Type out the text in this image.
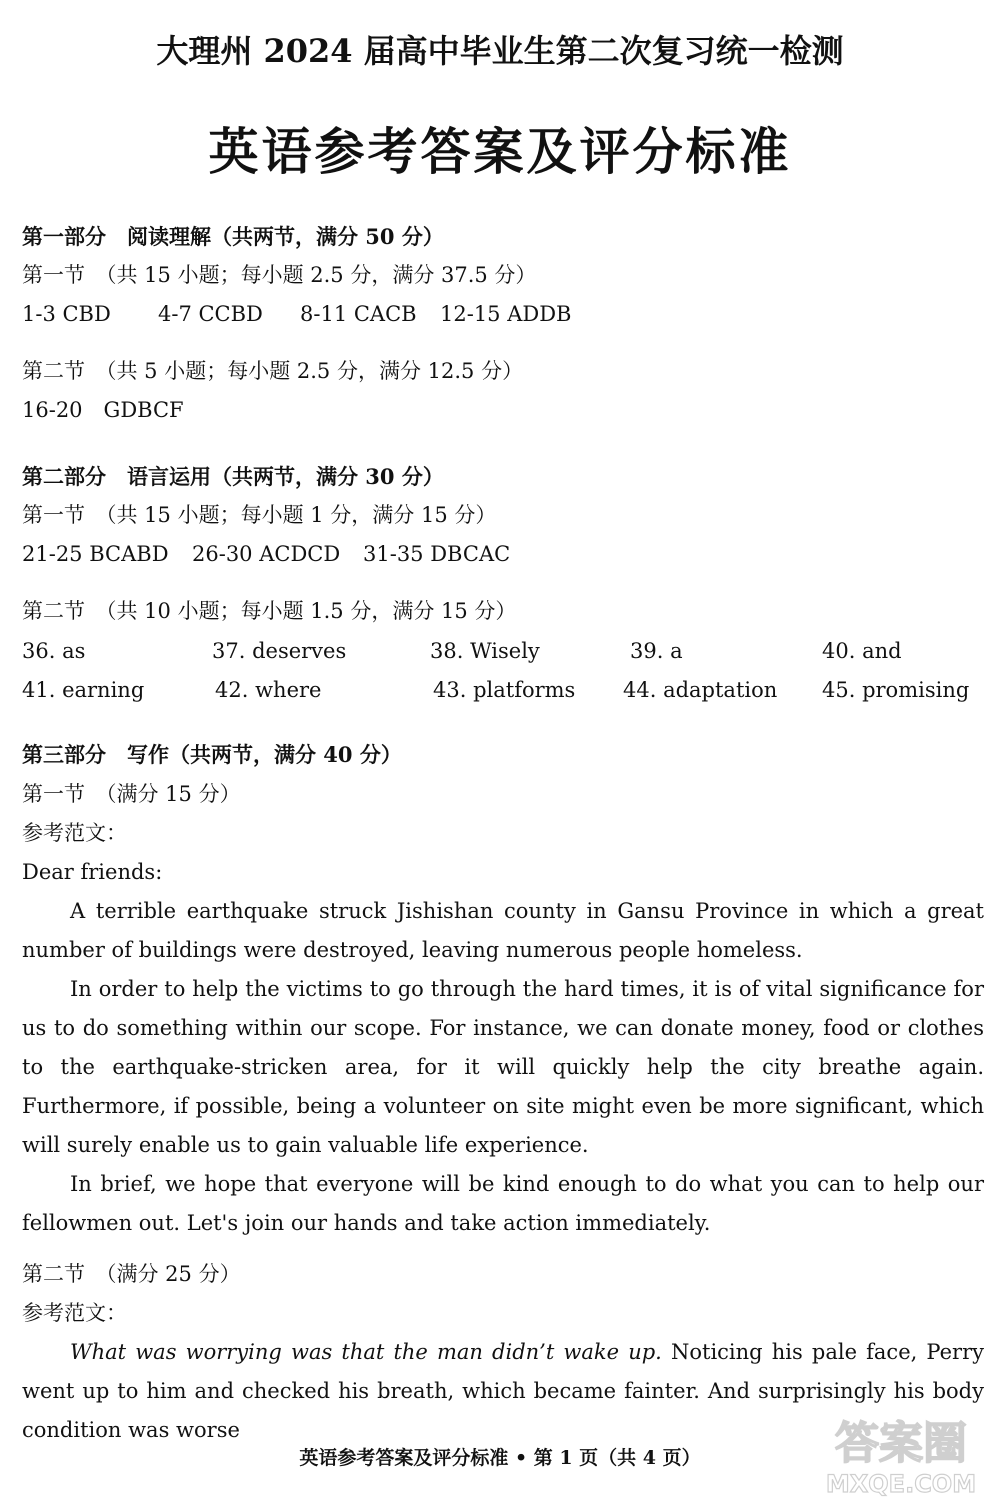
大理州 2024 届高中毕业生第二次复习统一检测
英语参考答案及评分标准
第一部分　阅读理解（共两节，满分 50 分）
第一节　（共 15 小题；每小题 2.5 分，满分 37.5 分）
1-3 CBD 4-7 CCBD 8-11 CACB 12-15 ADDB
第二节　（共 5 小题；每小题 2.5 分，满分 12.5 分）
16-20　GDBCF
第二部分　语言运用（共两节，满分 30 分）
第一节　（共 15 小题；每小题 1 分，满分 15 分）
21-25 BCABD 26-30 ACDCD 31-35 DBCAC
第二节　（共 10 小题；每小题 1.5 分，满分 15 分）
36. as	37. deserves	38. Wisely	39. a	40. and
41. earning	42. where	43. platforms 44. adaptation 45. promising
第三部分　写作（共两节，满分 40 分）
第一节　（满分 15 分）
参考范文：
Dear friends:
A terrible earthquake struck Jishishan county in Gansu Province in which a great number of buildings were destroyed, leaving numerous people homeless.
In order to help the victims to go through the hard times, it is of vital significance for us to do something within our scope. For instance, we can donate money, food or clothes to the earthquake-stricken area, for it will quickly help the city breathe again. Furthermore, if possible, being a volunteer on site might even be more significant, which will surely enable us to gain valuable life experience.
In brief, we hope that everyone will be kind enough to do what you can to help our fellowmen out. Let's join our hands and take action immediately.
第二节　（满分 25 分）
参考范文：
What was worrying was that the man didn’t wake up. Noticing his pale face, Perry went up to him and checked his breath, which became fainter. And surprisingly his body condition was worse
英语参考答案及评分标准 • 第 1 页（共 4 页）	答案圈
MXQE.COM
